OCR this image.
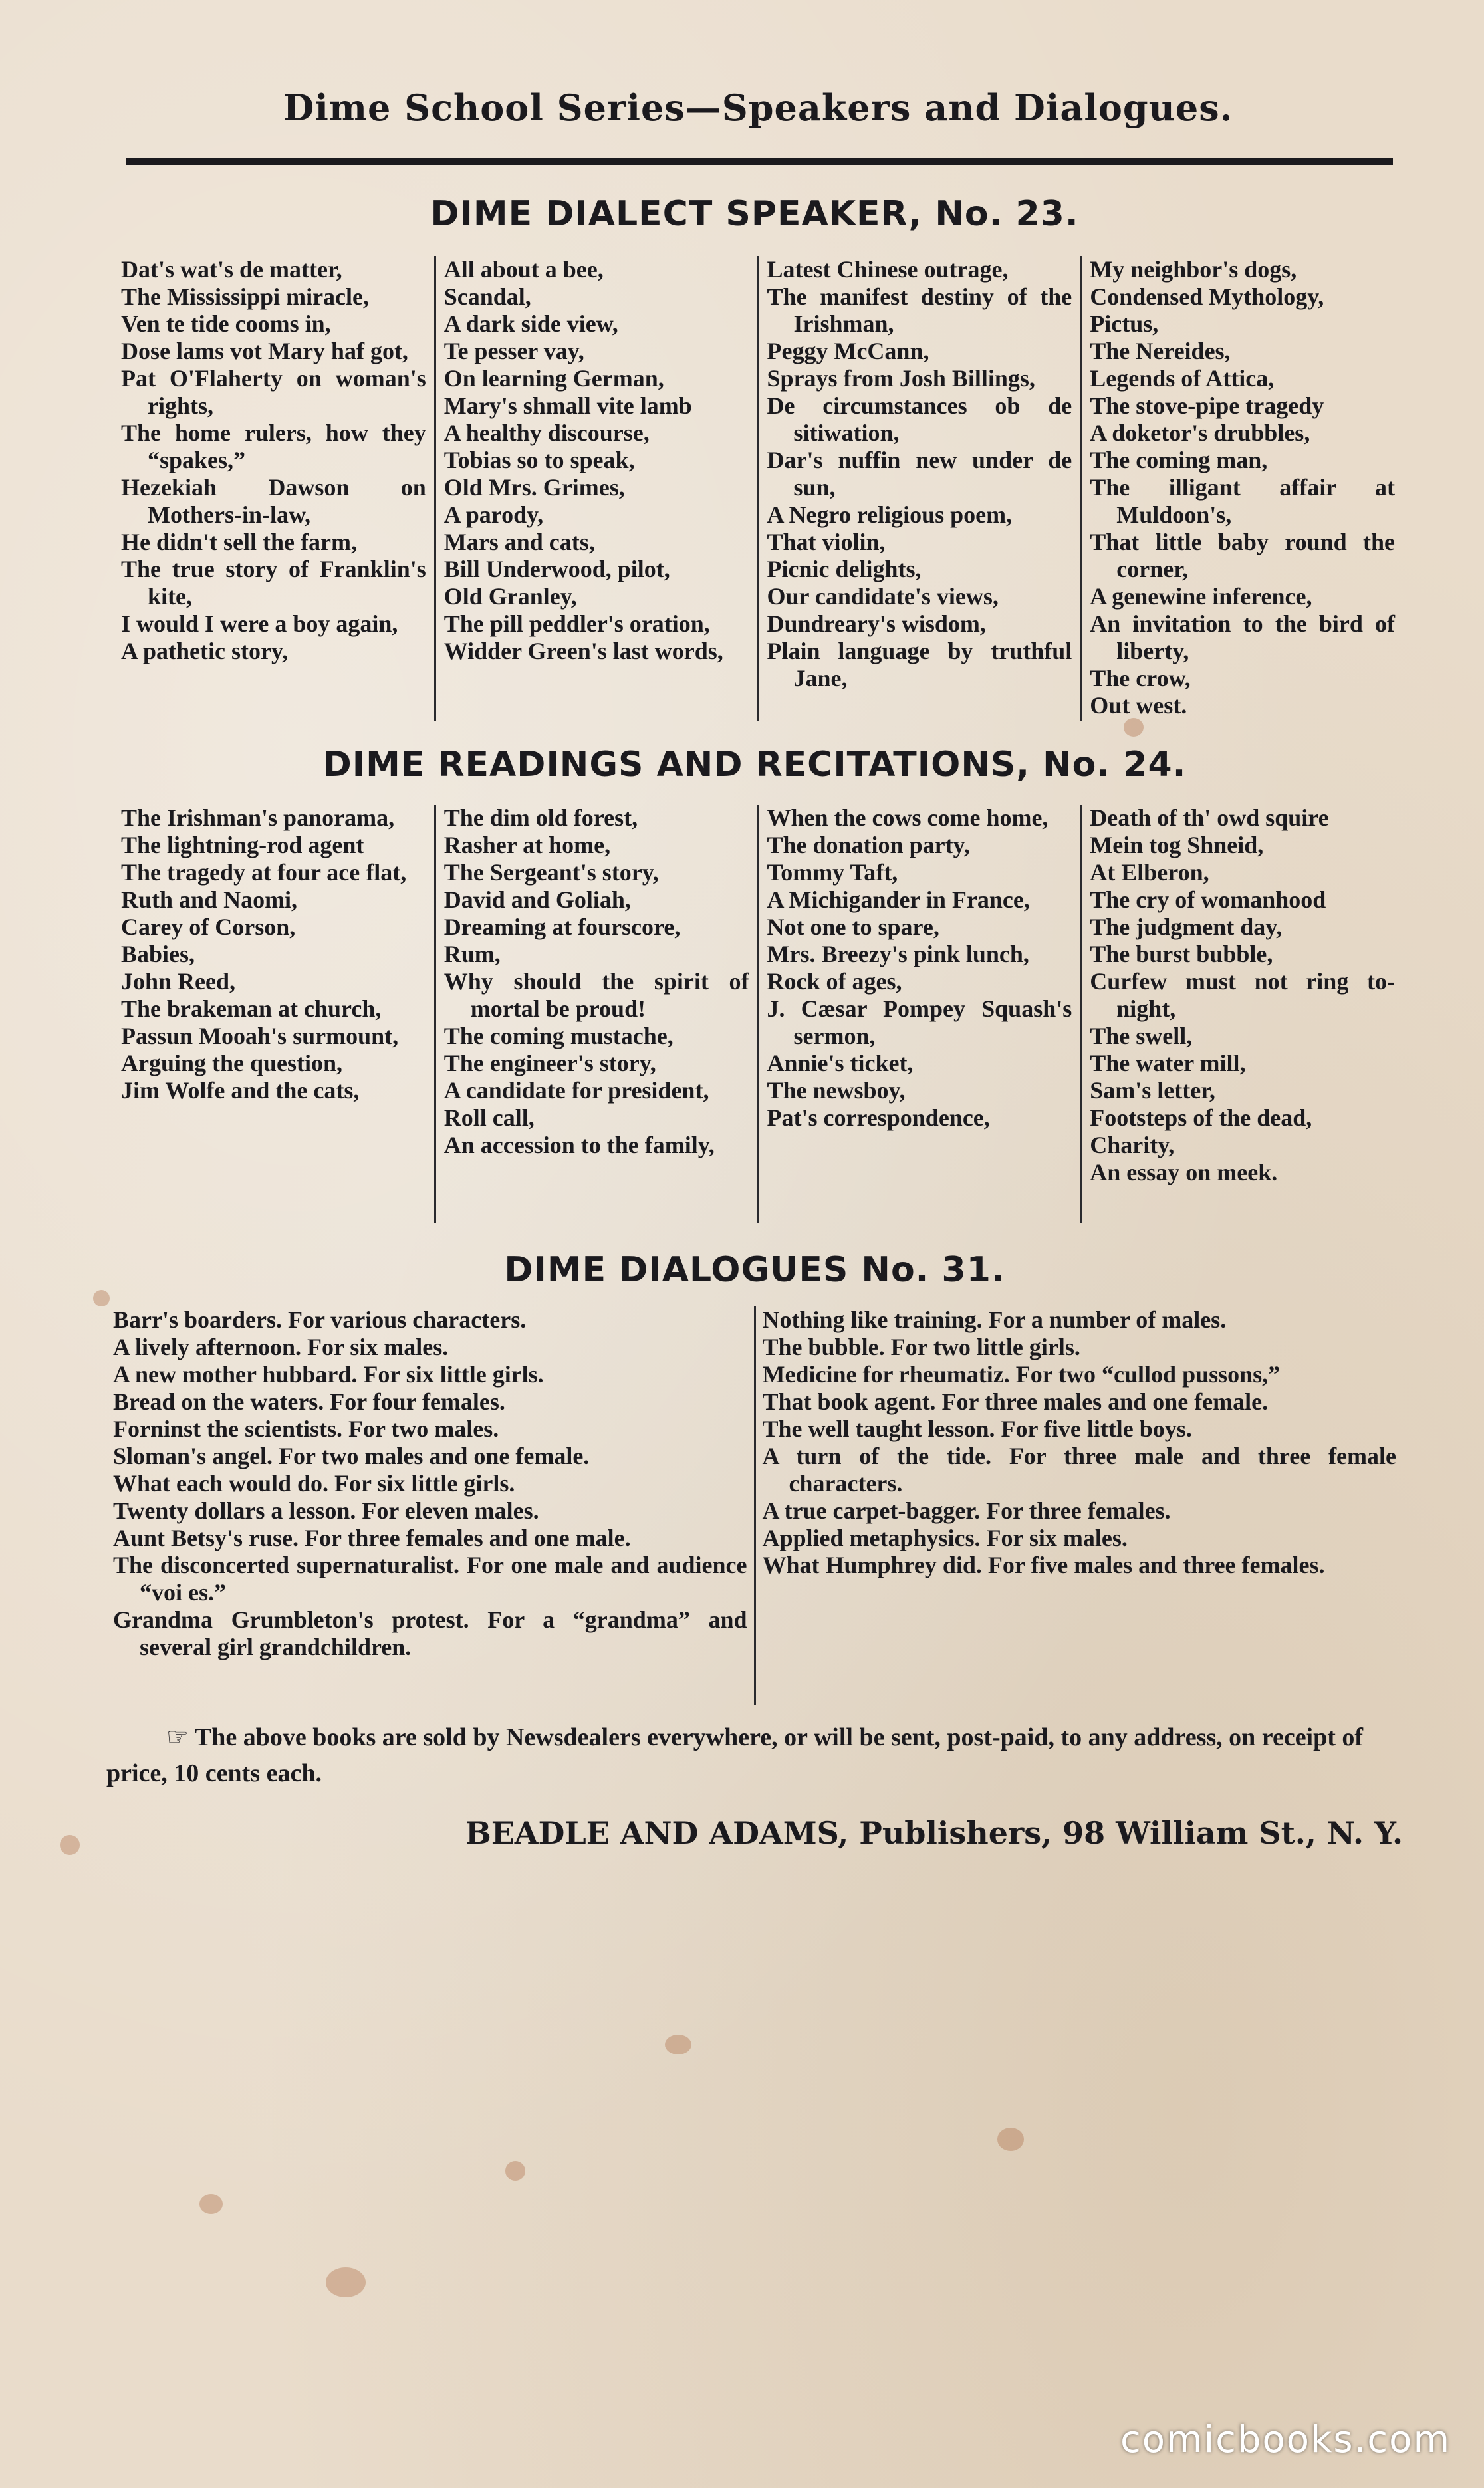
Dime School Series—Speakers and Dialogues.
DIME DIALECT SPEAKER, No. 23.
Dat's wat's de matter,
The Mississippi miracle,
Ven te tide cooms in,
Dose lams vot Mary haf got,
Pat O'Flaherty on woman's rights,
The home rulers, how they “spakes,”
Hezekiah Dawson on Mothers-in-law,
He didn't sell the farm,
The true story of Franklin's kite,
I would I were a boy again,
A pathetic story,
All about a bee,
Scandal,
A dark side view,
Te pesser vay,
On learning German,
Mary's shmall vite lamb
A healthy discourse,
Tobias so to speak,
Old Mrs. Grimes,
A parody,
Mars and cats,
Bill Underwood, pilot,
Old Granley,
The pill peddler's oration,
Widder Green's last words,
Latest Chinese outrage,
The manifest destiny of the Irishman,
Peggy McCann,
Sprays from Josh Billings,
De circumstances ob de sitiwation,
Dar's nuffin new under de sun,
A Negro religious poem,
That violin,
Picnic delights,
Our candidate's views,
Dundreary's wisdom,
Plain language by truthful Jane,
My neighbor's dogs,
Condensed Mythology,
Pictus,
The Nereides,
Legends of Attica,
The stove-pipe tragedy
A doketor's drubbles,
The coming man,
The illigant affair at Muldoon's,
That little baby round the corner,
A genewine inference,
An invitation to the bird of liberty,
The crow,
Out west.
DIME READINGS AND RECITATIONS, No. 24.
The Irishman's panorama,
The lightning-rod agent
The tragedy at four ace flat,
Ruth and Naomi,
Carey of Corson,
Babies,
John Reed,
The brakeman at church,
Passun Mooah's surmount,
Arguing the question,
Jim Wolfe and the cats,
The dim old forest,
Rasher at home,
The Sergeant's story,
David and Goliah,
Dreaming at fourscore,
Rum,
Why should the spirit of mortal be proud!
The coming mustache,
The engineer's story,
A candidate for president,
Roll call,
An accession to the family,
When the cows come home,
The donation party,
Tommy Taft,
A Michigander in France,
Not one to spare,
Mrs. Breezy's pink lunch,
Rock of ages,
J. Cæsar Pompey Squash's sermon,
Annie's ticket,
The newsboy,
Pat's correspondence,
Death of th' owd squire
Mein tog Shneid,
At Elberon,
The cry of womanhood
The judgment day,
The burst bubble,
Curfew must not ring to-night,
The swell,
The water mill,
Sam's letter,
Footsteps of the dead,
Charity,
An essay on meek.
DIME DIALOGUES No. 31.
Barr's boarders. For various characters.
A lively afternoon. For six males.
A new mother hubbard. For six little girls.
Bread on the waters. For four females.
Forninst the scientists. For two males.
Sloman's angel. For two males and one female.
What each would do. For six little girls.
Twenty dollars a lesson. For eleven males.
Aunt Betsy's ruse. For three females and one male.
The disconcerted supernaturalist. For one male and audience “voi es.”
Grandma Grumbleton's protest. For a “grandma” and several girl grandchildren.
Nothing like training. For a number of males.
The bubble. For two little girls.
Medicine for rheumatiz. For two “cullod pussons,”
That book agent. For three males and one female.
The well taught lesson. For five little boys.
A turn of the tide. For three male and three female characters.
A true carpet-bagger. For three females.
Applied metaphysics. For six males.
What Humphrey did. For five males and three females.
☞ The above books are sold by Newsdealers everywhere, or will be sent, post-paid, to any address, on receipt of price, 10 cents each.
BEADLE AND ADAMS, Publishers, 98 William St., N. Y.
comicbooks.com
